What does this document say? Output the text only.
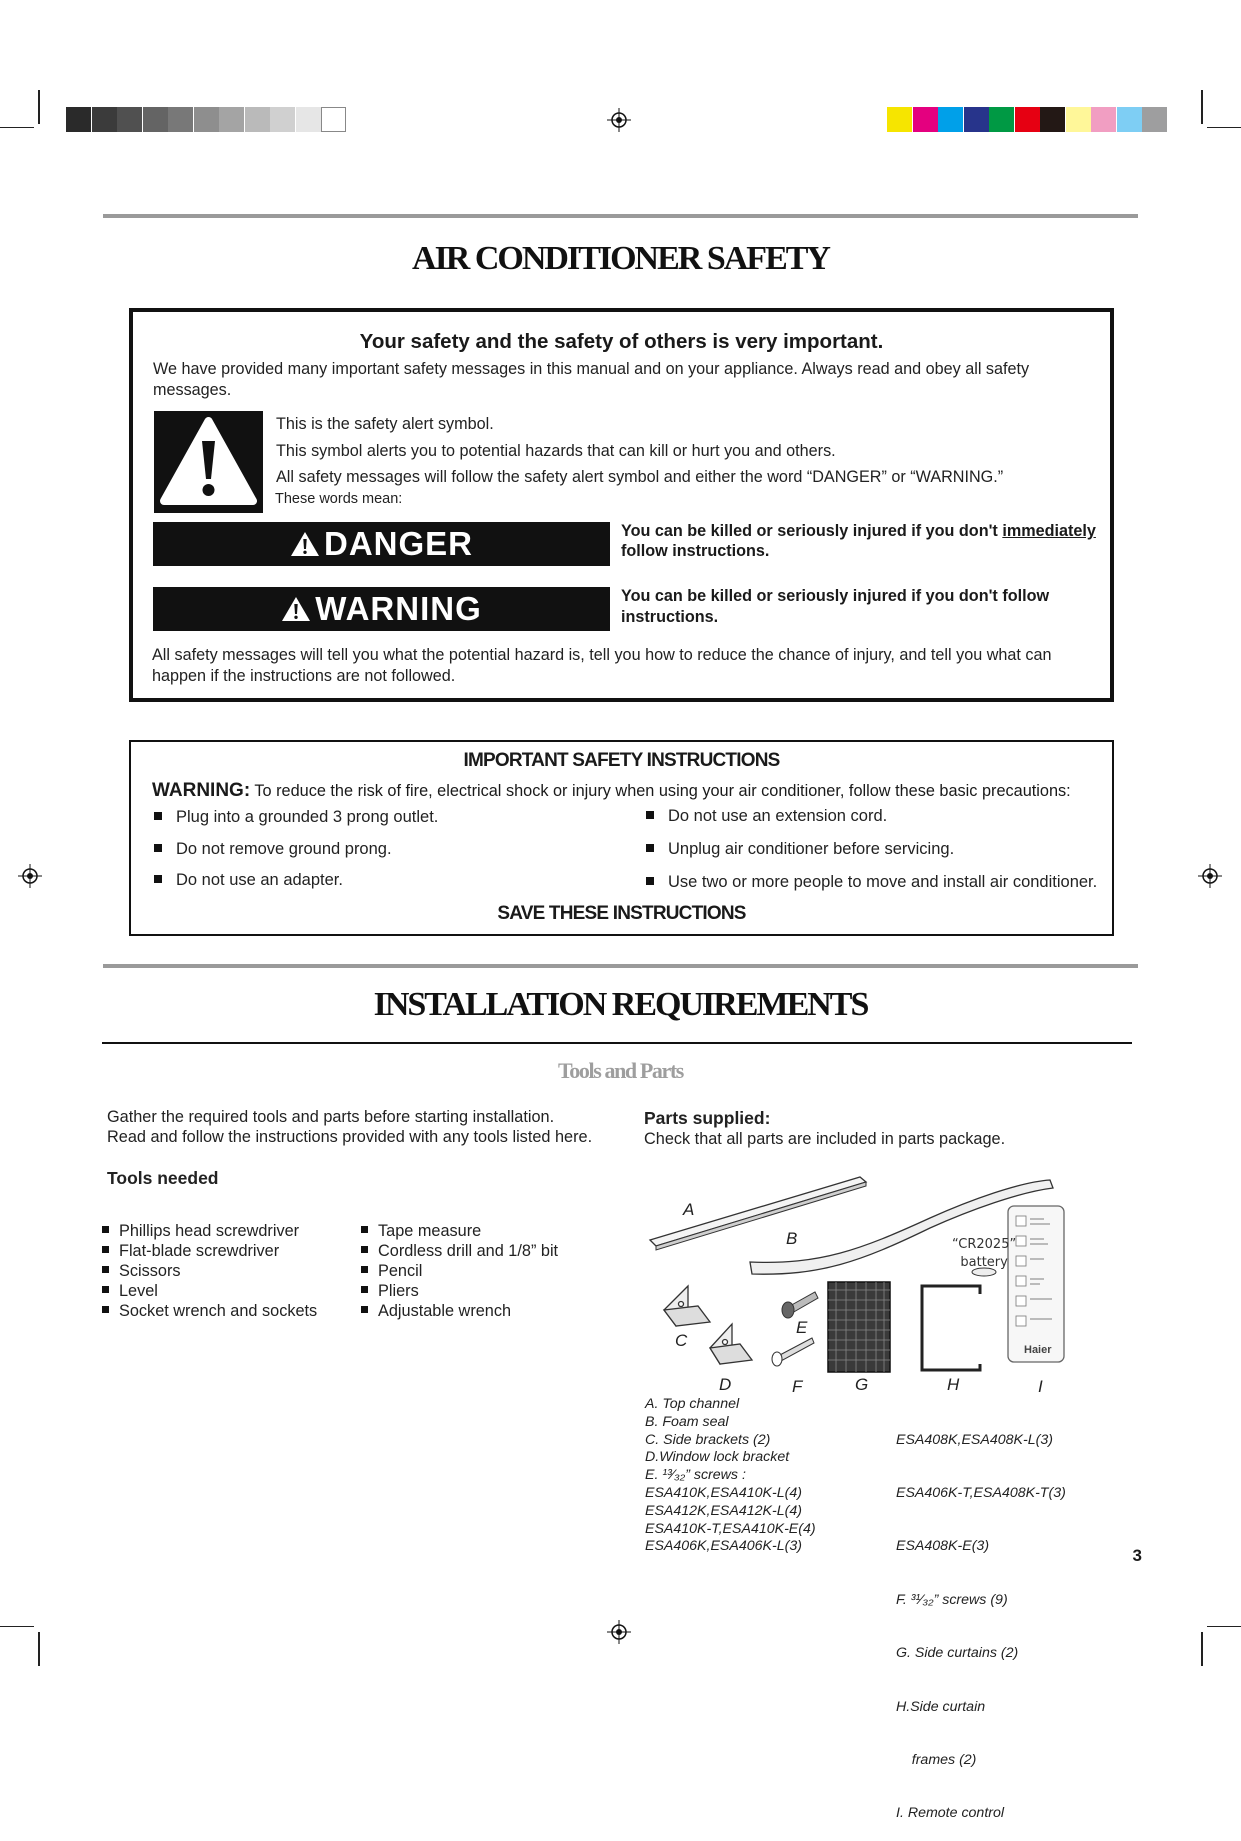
AIR CONDITIONER SAFETY
Your safety and the safety of others is very important.
We have provided many important safety messages in this manual and on your appliance. Always read and obey all safety
messages.
This is the safety alert symbol.
This symbol alerts you to potential hazards that can kill or hurt you and others.
All safety messages will follow the safety alert symbol and either the word “DANGER” or “WARNING.”
These words mean:
DANGER	You can be killed or seriously injured if you don't immediately
follow instructions.
WARNING	You can be killed or seriously injured if you don't follow
instructions.
All safety messages will tell you what the potential hazard is, tell you how to reduce the chance of injury, and tell you what can
happen if the instructions are not followed.
IMPORTANT SAFETY INSTRUCTIONS
WARNING: To reduce the risk of fire, electrical shock or injury when using your air conditioner, follow these basic precautions:
Plug into a grounded 3 prong outlet.
Do not remove ground prong.
Do not use an adapter.
Do not use an extension cord.
Unplug air conditioner before servicing.
Use two or more people to move and install air conditioner.
SAVE THESE INSTRUCTIONS
INSTALLATION REQUIREMENTS
Tools and Parts
Gather the required tools and parts before starting installation.
Read and follow the instructions provided with any tools listed here.
Tools needed
Phillips head screwdriver
Flat-blade screwdriver
Scissors
Level
Socket wrench and sockets
Tape measure
Cordless drill and 1/8” bit
Pencil
Pliers
Adjustable wrench
Parts supplied:
Check that all parts are included in parts package.
“CR2025”
battery
Haier
A
B
C
D
E
F	G	H	I
A. Top channel
B. Foam seal
C. Side brackets (2)
D.Window lock bracket
E. ¹³⁄₃₂” screws :
ESA410K,ESA410K-L(4)
ESA412K,ESA412K-L(4)
ESA410K-T,ESA410K-E(4)
ESA406K,ESA406K-L(3)

ESA408K,ESA408K-L(3)

ESA406K-T,ESA408K-T(3)

ESA408K-E(3)

F. ³¹⁄₃₂” screws (9)

G. Side curtains (2)

H.Side curtain

frames (2)

I. Remote control

3
